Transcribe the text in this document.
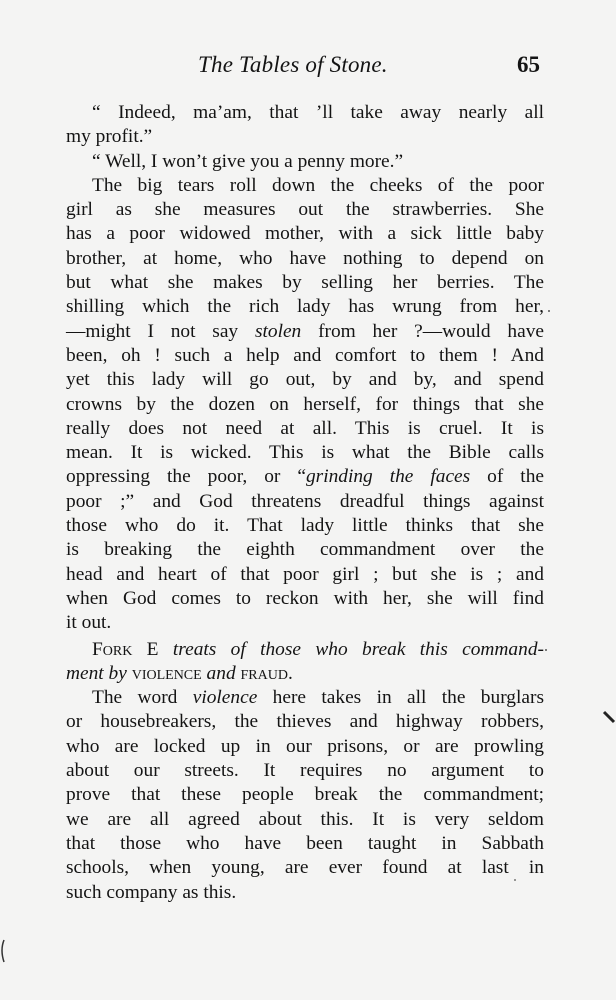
The Tables of Stone.	65
“ Indeed, ma’am, that ’ll take away nearly all
my profit.”
“ Well, I won’t give you a penny more.”
The big tears roll down the cheeks of the poor
girl as she measures out the strawberries. She
has a poor widowed mother, with a sick little baby
brother, at home, who have nothing to depend on
but what she makes by selling her berries. The
shilling which the rich lady has wrung from her,
—might I not say stolen from her ?—would have
been, oh ! such a help and comfort to them ! And
yet this lady will go out, by and by, and spend
crowns by the dozen on herself, for things that she
really does not need at all. This is cruel. It is
mean. It is wicked. This is what the Bible calls
oppressing the poor, or “grinding the faces of the
poor ;” and God threatens dreadful things against
those who do it. That lady little thinks that she
is breaking the eighth commandment over the
head and heart of that poor girl ; but she is ; and
when God comes to reckon with her, she will find
it out.
Fork E treats of those who break this command-
ment by violence and fraud.
The word violence here takes in all the burglars
or housebreakers, the thieves and highway robbers,
who are locked up in our prisons, or are prowling
about our streets. It requires no argument to
prove that these people break the commandment;
we are all agreed about this. It is very seldom
that those who have been taught in Sabbath
schools, when young, are ever found at last in
such company as this.
